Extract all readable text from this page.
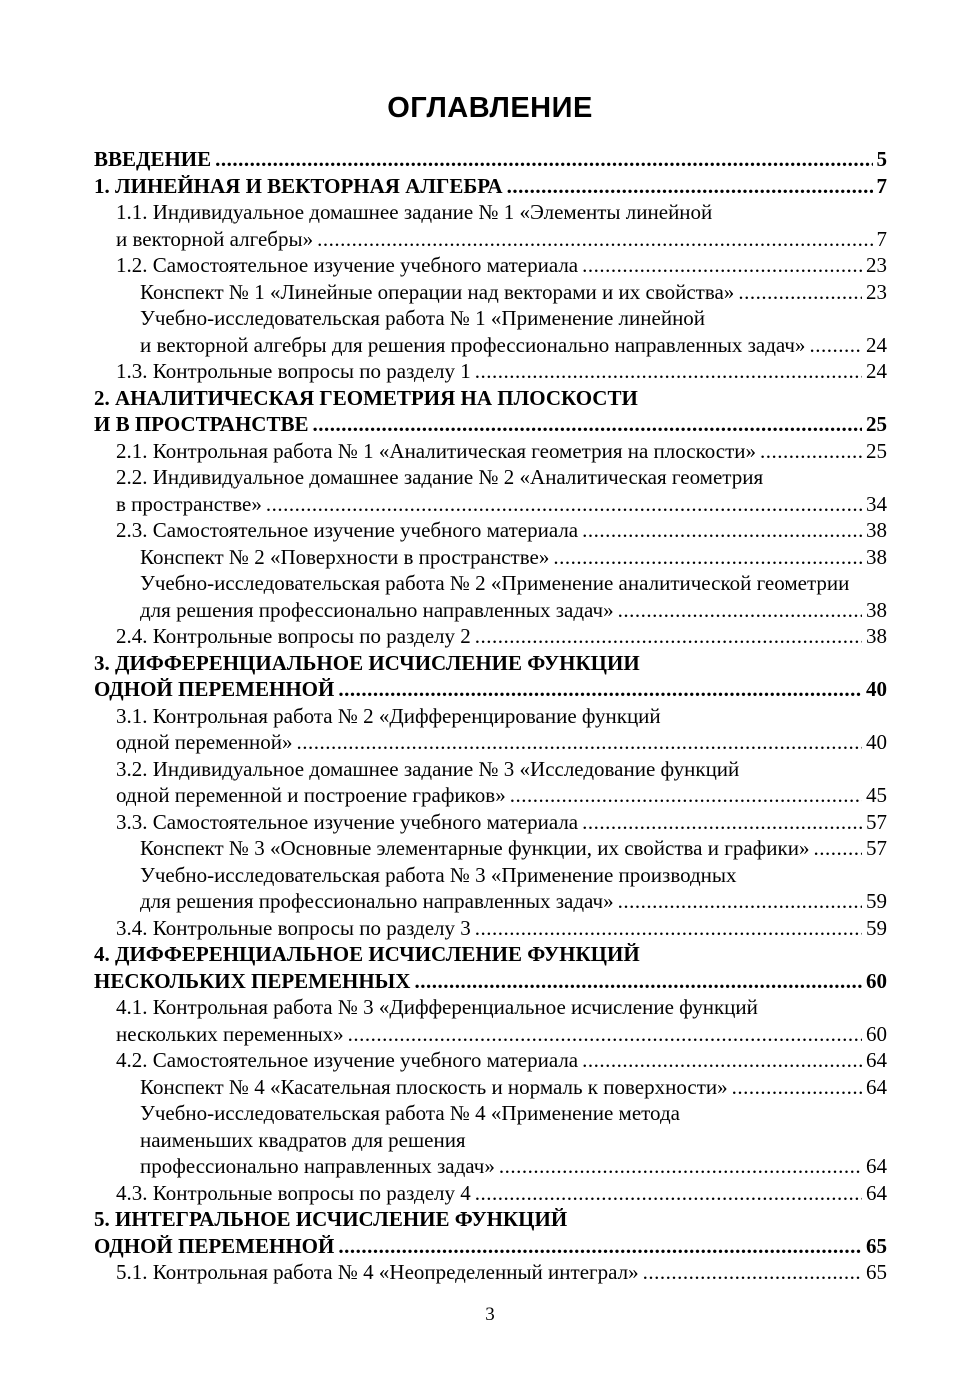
ОГЛАВЛЕНИЕ
ВВЕДЕНИЕ .....	5
1. ЛИНЕЙНАЯ И ВЕКТОРНАЯ АЛГЕБРА .....	7
1.1. Индивидуальное домашнее задание № 1 «Элементы линейной
и векторной алгебры» .....	7
1.2. Самостоятельное изучение учебного материала .....	23
Конспект № 1 «Линейные операции над векторами и их свойства» .....	23
Учебно-исследовательская работа № 1 «Применение линейной
и векторной алгебры для решения профессионально направленных задач» .....	24
1.3. Контрольные вопросы по разделу 1 .....	24
2. АНАЛИТИЧЕСКАЯ ГЕОМЕТРИЯ НА ПЛОСКОСТИ
И В ПРОСТРАНСТВЕ .....	25
2.1. Контрольная работа № 1 «Аналитическая геометрия на плоскости» .....	25
2.2. Индивидуальное домашнее задание № 2 «Аналитическая геометрия
в пространстве» .....	34
2.3. Самостоятельное изучение учебного материала .....	38
Конспект № 2 «Поверхности в пространстве» .....	38
Учебно-исследовательская работа № 2 «Применение аналитической геометрии
для решения профессионально направленных задач» .....	38
2.4. Контрольные вопросы по разделу 2 .....	38
3. ДИФФЕРЕНЦИАЛЬНОЕ ИСЧИСЛЕНИЕ ФУНКЦИИ
ОДНОЙ ПЕРЕМЕННОЙ .....	40
3.1. Контрольная работа № 2 «Дифференцирование функций
одной переменной» .....	40
3.2. Индивидуальное домашнее задание № 3 «Исследование функций
одной переменной и построение графиков» .....	45
3.3. Самостоятельное изучение учебного материала .....	57
Конспект № 3 «Основные элементарные функции, их свойства и графики» .....	57
Учебно-исследовательская работа № 3 «Применение производных
для решения профессионально направленных задач» .....	59
3.4. Контрольные вопросы по разделу 3 .....	59
4. ДИФФЕРЕНЦИАЛЬНОЕ ИСЧИСЛЕНИЕ ФУНКЦИЙ
НЕСКОЛЬКИХ ПЕРЕМЕННЫХ .....	60
4.1. Контрольная работа № 3 «Дифференциальное исчисление функций
нескольких переменных» .....	60
4.2. Самостоятельное изучение учебного материала .....	64
Конспект № 4 «Касательная плоскость и нормаль к поверхности» .....	64
Учебно-исследовательская работа № 4 «Применение метода
наименьших квадратов для решения
профессионально направленных задач» .....	64
4.3. Контрольные вопросы по разделу 4 .....	64
5. ИНТЕГРАЛЬНОЕ ИСЧИСЛЕНИЕ ФУНКЦИЙ
ОДНОЙ ПЕРЕМЕННОЙ .....	65
5.1. Контрольная работа № 4 «Неопределенный интеграл» .....	65
3
